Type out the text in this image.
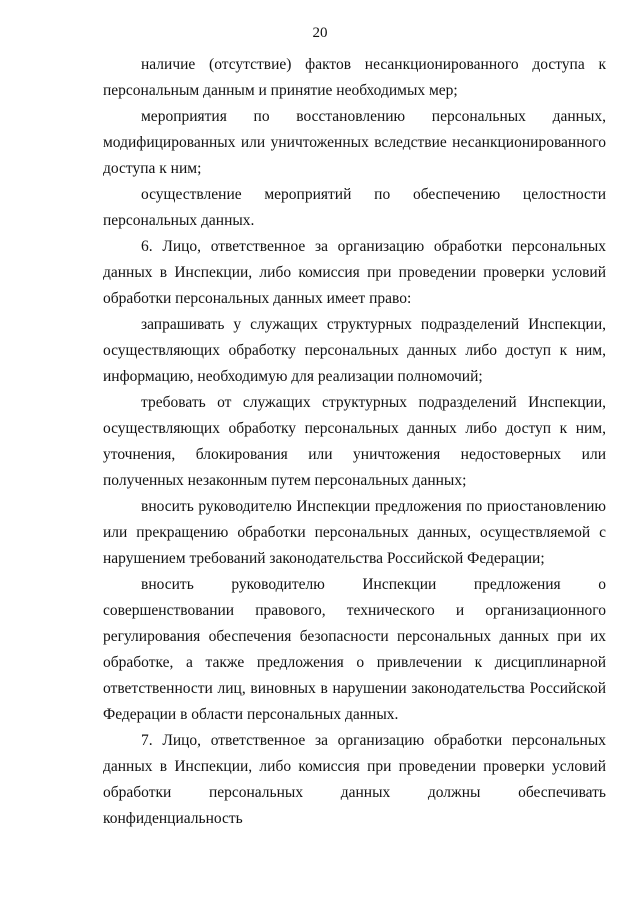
20

наличие (отсутствие) фактов несанкционированного доступа к персональным данным и принятие необходимых мер;

мероприятия по восстановлению персональных данных, модифицированных или уничтоженных вследствие несанкционированного доступа к ним;

осуществление мероприятий по обеспечению целостности персональных данных.

6. Лицо, ответственное за организацию обработки персональных данных в Инспекции, либо комиссия при проведении проверки условий обработки персональных данных имеет право:

запрашивать у служащих структурных подразделений Инспекции, осуществляющих обработку персональных данных либо доступ к ним, информацию, необходимую для реализации полномочий;

требовать от служащих структурных подразделений Инспекции, осуществляющих обработку персональных данных либо доступ к ним, уточнения, блокирования или уничтожения недостоверных или полученных незаконным путем персональных данных;

вносить руководителю Инспекции предложения по приостановлению или прекращению обработки персональных данных, осуществляемой с нарушением требований законодательства Российской Федерации;

вносить руководителю Инспекции предложения о совершенствовании правового, технического и организационного регулирования обеспечения безопасности персональных данных при их обработке, а также предложения о привлечении к дисциплинарной ответственности лиц, виновных в нарушении законодательства Российской Федерации в области персональных данных.

7. Лицо, ответственное за организацию обработки персональных данных в Инспекции, либо комиссия при проведении проверки условий обработки персональных данных должны обеспечивать конфиденциальность
